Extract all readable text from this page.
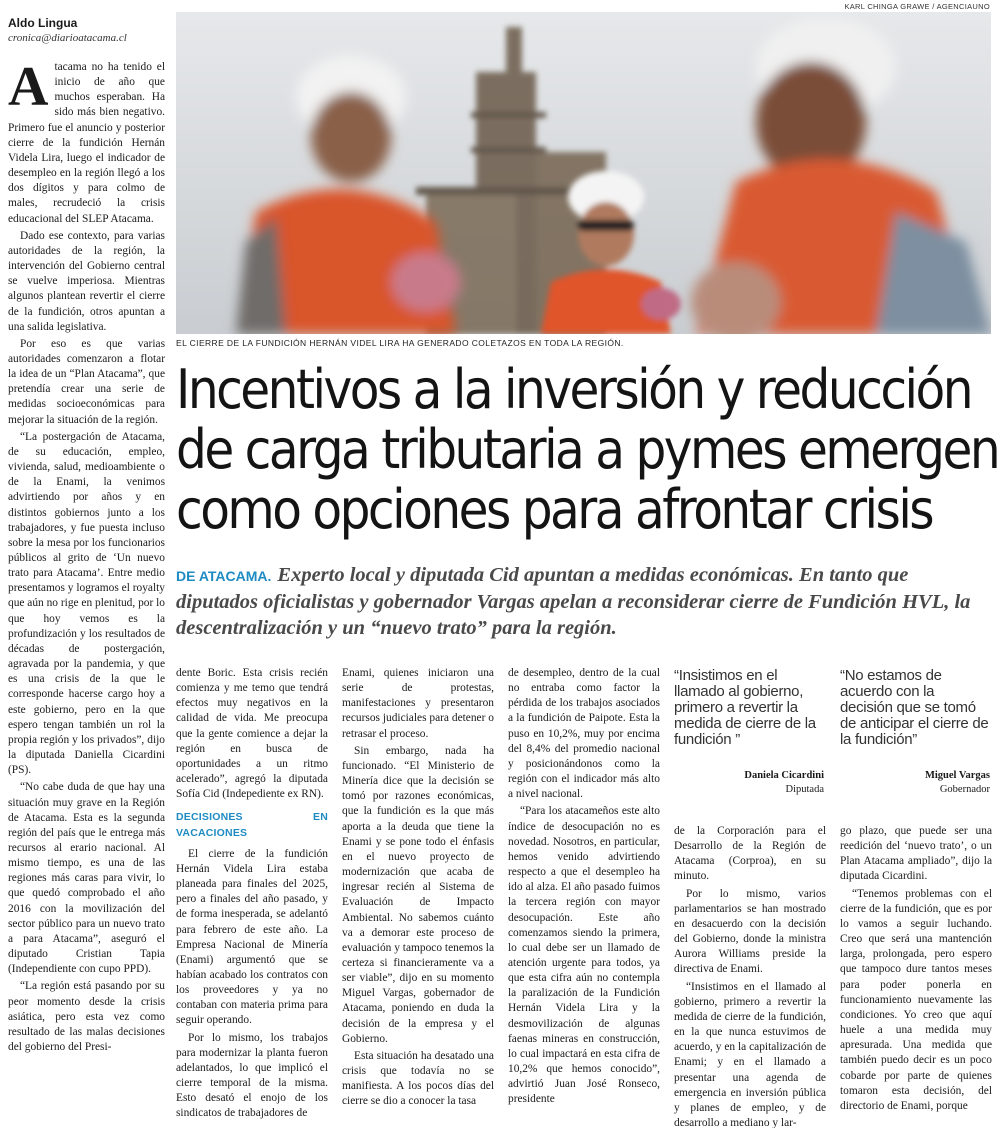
Aldo Lingua
cronica@diarioatacama.cl

Atacama no ha tenido el inicio de año que muchos esperaban. Ha sido más bien negativo. Primero fue el anuncio y posterior cierre de la fundición Hernán Videla Lira, luego el indicador de desempleo en la región llegó a los dos dígitos y para colmo de males, recrudeció la crisis educacional del SLEP Atacama.

Dado ese contexto, para varias autoridades de la región, la intervención del Gobierno central se vuelve imperiosa. Mientras algunos plantean revertir el cierre de la fundición, otros apuntan a una salida legislativa.

Por eso es que varias autoridades comenzaron a flotar la idea de un “Plan Atacama”, que pretendía crear una serie de medidas socioeconómicas para mejorar la situación de la región.

“La postergación de Atacama, de su educación, empleo, vivienda, salud, medioambiente o de la Enami, la venimos advirtiendo por años y en distintos gobiernos junto a los trabajadores, y fue puesta incluso sobre la mesa por los funcionarios públicos al grito de ‘Un nuevo trato para Atacama’. Entre medio presentamos y logramos el royalty que aún no rige en plenitud, por lo que hoy vemos es la profundización y los resultados de décadas de postergación, agravada por la pandemia, y que es una crisis de la que le corresponde hacerse cargo hoy a este gobierno, pero en la que espero tengan también un rol la propia región y los privados”, dijo la diputada Daniella Cicardini (PS).

“No cabe duda de que hay una situación muy grave en la Región de Atacama. Esta es la segunda región del país que le entrega más recursos al erario nacional. Al mismo tiempo, es una de las regiones más caras para vivir, lo que quedó comprobado el año 2016 con la movilización del sector público para un nuevo trato a para Atacama”, aseguró el diputado Cristian Tapia (Independiente con cupo PPD).

“La región está pasando por su peor momento desde la crisis asiática, pero esta vez como resultado de las malas decisiones del gobierno del Presi-

KARL CHINGA GRAWE / AGENCIAUNO
EL CIERRE DE LA FUNDICIÓN HERNÁN VIDEL LIRA HA GENERADO COLETAZOS EN TODA LA REGIÓN.
Incentivos a la inversión y reducción
de carga tributaria a pymes emergen
como opciones para afrontar crisis
DE ATACAMA. Experto local y diputada Cid apuntan a medidas económicas. En tanto que diputados oficialistas y gobernador Vargas apelan a reconsiderar cierre de Fundición HVL, la descentralización y un “nuevo trato” para la región.

dente Boric. Esta crisis recién comienza y me temo que tendrá efectos muy negativos en la calidad de vida. Me preocupa que la gente comience a dejar la región en busca de oportunidades a un ritmo acelerado”, agregó la diputada Sofía Cid (Indepediente ex RN).

DECISIONES EN VACACIONES

El cierre de la fundición Hernán Videla Lira estaba planeada para finales del 2025, pero a finales del año pasado, y de forma inesperada, se adelantó para febrero de este año. La Empresa Nacional de Minería (Enami) argumentó que se habían acabado los contratos con los proveedores y ya no contaban con materia prima para seguir operando.

Por lo mismo, los trabajos para modernizar la planta fueron adelantados, lo que implicó el cierre temporal de la misma. Esto desató el enojo de los sindicatos de trabajadores de

Enami, quienes iniciaron una serie de protestas, manifestaciones y presentaron recursos judiciales para detener o retrasar el proceso.

Sin embargo, nada ha funcionado. “El Ministerio de Minería dice que la decisión se tomó por razones económicas, que la fundición es la que más aporta a la deuda que tiene la Enami y se pone todo el énfasis en el nuevo proyecto de modernización que acaba de ingresar recién al Sistema de Evaluación de Impacto Ambiental. No sabemos cuánto va a demorar este proceso de evaluación y tampoco tenemos la certeza si financieramente va a ser viable”, dijo en su momento Miguel Vargas, gobernador de Atacama, poniendo en duda la decisión de la empresa y el Gobierno.

Esta situación ha desatado una crisis que todavía no se manifiesta. A los pocos días del cierre se dio a conocer la tasa

de desempleo, dentro de la cual no entraba como factor la pérdida de los trabajos asociados a la fundición de Paipote. Esta la puso en 10,2%, muy por encima del 8,4% del promedio nacional y posicionándonos como la región con el indicador más alto a nivel nacional.

“Para los atacameños este alto índice de desocupación no es novedad. Nosotros, en particular, hemos venido advirtiendo respecto a que el desempleo ha ido al alza. El año pasado fuimos la tercera región con mayor desocupación. Este año comenzamos siendo la primera, lo cual debe ser un llamado de atención urgente para todos, ya que esta cifra aún no contempla la paralización de la Fundición Hernán Videla Lira y la desmovilización de algunas faenas mineras en construcción, lo cual impactará en esta cifra de 10,2% que hemos conocido”, advirtió Juan José Ronseco, presidente

“Insistimos en el llamado al gobierno, primero a revertir la medida de cierre de la fundición ”
Daniela Cicardini
Diputada
“No estamos de acuerdo con la decisión que se tomó de anticipar el cierre de la fundición”
Miguel Vargas
Gobernador

de la Corporación para el Desarrollo de la Región de Atacama (Corproa), en su minuto.

Por lo mismo, varios parlamentarios se han mostrado en desacuerdo con la decisión del Gobierno, donde la ministra Aurora Williams preside la directiva de Enami.

“Insistimos en el llamado al gobierno, primero a revertir la medida de cierre de la fundición, en la que nunca estuvimos de acuerdo, y en la capitalización de Enami; y en el llamado a presentar una agenda de emergencia en inversión pública y planes de empleo, y de desarrollo a mediano y lar-

go plazo, que puede ser una reedición del ‘nuevo trato’, o un Plan Atacama ampliado”, dijo la diputada Cicardini.

“Tenemos problemas con el cierre de la fundición, que es por lo vamos a seguir luchando. Creo que será una mantención larga, prolongada, pero espero que tampoco dure tantos meses para poder ponerla en funcionamiento nuevamente las condiciones. Yo creo que aquí huele a una medida muy apresurada. Una medida que también puedo decir es un poco cobarde por parte de quienes tomaron esta decisión, del directorio de Enami, porque
